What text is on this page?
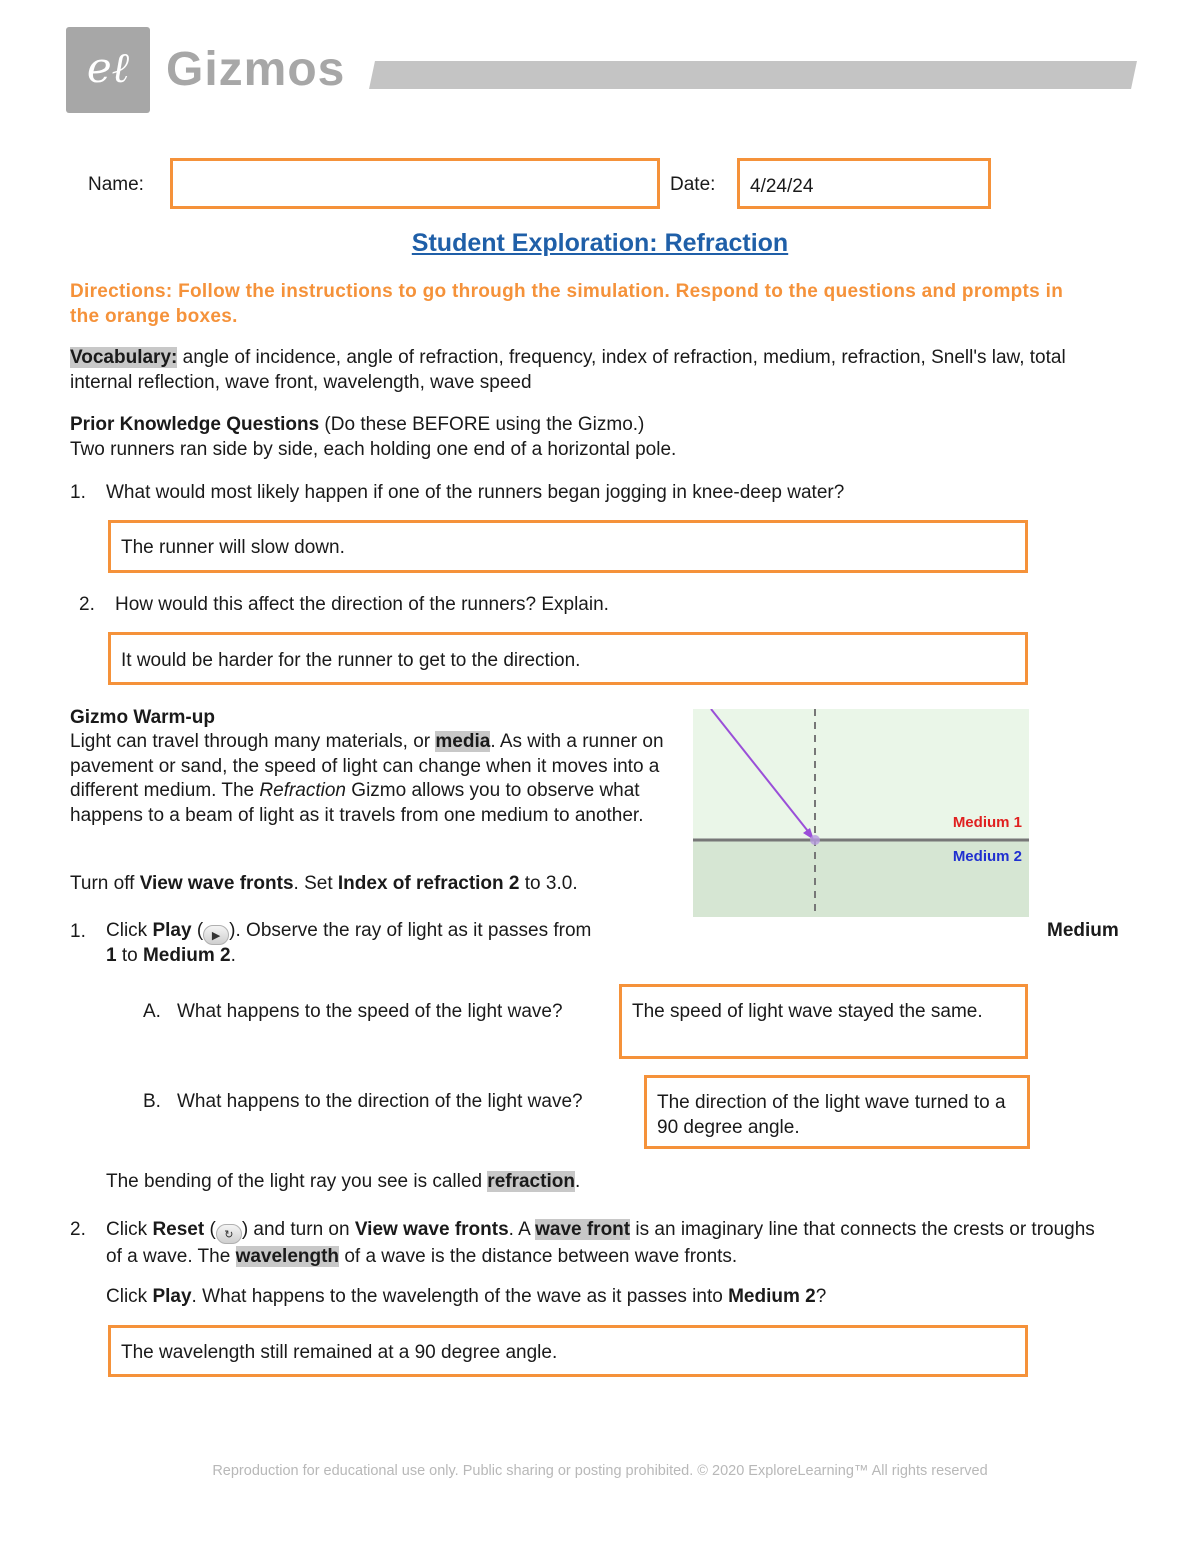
eℓ Gizmos
Name:	Date: 4/24/24
Student Exploration: Refraction
Directions: Follow the instructions to go through the simulation. Respond to the questions and prompts in the orange boxes.
Vocabulary: angle of incidence, angle of refraction, frequency, index of refraction, medium, refraction, Snell's law, total internal reflection, wave front, wavelength, wave speed
Prior Knowledge Questions (Do these BEFORE using the Gizmo.)
Two runners ran side by side, each holding one end of a horizontal pole.
1. What would most likely happen if one of the runners began jogging in knee-deep water?
The runner will slow down.
2. How would this affect the direction of the runners? Explain.
It would be harder for the runner to get to the direction.
Gizmo Warm-up
Light can travel through many materials, or media. As with a runner on pavement or sand, the speed of light can change when it moves into a different medium. The Refraction Gizmo allows you to observe what happens to a beam of light as it travels from one medium to another.
Turn off View wave fronts. Set Index of refraction 2 to 3.0.
Medium 1
Medium 2
1. Click Play ( ▶ ). Observe the ray of light as it passes from	Medium
1 to Medium 2.
A. What happens to the speed of the light wave?	The speed of light wave stayed the same.
B. What happens to the direction of the light wave?	The direction of the light wave turned to a 90 degree angle.
The bending of the light ray you see is called refraction.
2. Click Reset ( ↻ ) and turn on View wave fronts. A wave front is an imaginary line that connects the crests or troughs of a wave. The wavelength of a wave is the distance between wave fronts.
Click Play. What happens to the wavelength of the wave as it passes into Medium 2?
The wavelength still remained at a 90 degree angle.
Reproduction for educational use only. Public sharing or posting prohibited. © 2020 ExploreLearning™ All rights reserved
